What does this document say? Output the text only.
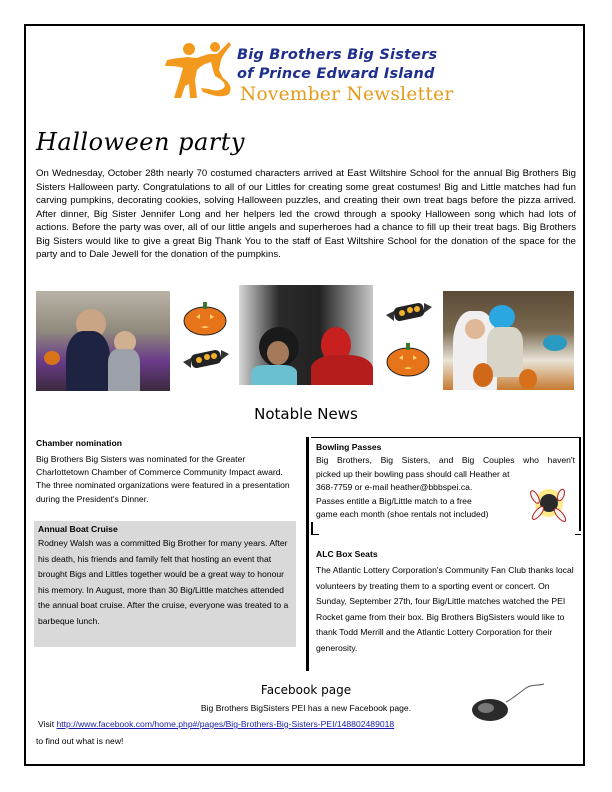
Big Brothers Big Sisters
of Prince Edward Island
November Newsletter
Halloween party
On Wednesday, October 28th nearly 70 costumed characters arrived at East Wiltshire School for the annual Big Brothers Big Sisters Halloween party. Congratulations to all of our Littles for creating some great costumes! Big and Little matches had fun carving pumpkins, decorating cookies, solving Halloween puzzles, and creating their own treat bags before the pizza arrived. After dinner, Big Sister Jennifer Long and her helpers led the crowd through a spooky Halloween song which had lots of actions. Before the party was over, all of our little angels and superheroes had a chance to fill up their treat bags. Big Brothers Big Sisters would like to give a great Big Thank You to the staff of East Wiltshire School for the donation of the space for the party and to Dale Jewell for the donation of the pumpkins.
Notable News
Chamber nomination
Big Brothers Big Sisters was nominated for the Greater Charlottetown Chamber of Commerce Community Impact award. The three nominated organizations were featured in a presentation during the President's Dinner.
Annual Boat Cruise
Rodney Walsh was a committed Big Brother for many years. After his death, his friends and family felt that hosting an event that brought Bigs and Littles together would be a great way to honour his memory. In August, more than 30 Big/Little matches attended the annual boat cruise. After the cruise, everyone was treated to a barbeque lunch.
Bowling Passes
Big Brothers, Big Sisters, and Big Couples who haven't
picked up their bowling pass should call Heather at
368-7759 or e-mail heather@bbbspei.ca.
Passes entitle a Big/Little match to a free
game each month (shoe rentals not included)
ALC Box Seats
The Atlantic Lottery Corporation's Community Fan Club thanks local volunteers by treating them to a sporting event or concert. On Sunday, September 27th, four Big/Little matches watched the PEI Rocket game from their box. Big Brothers BigSisters would like to thank Todd Merrill and the Atlantic Lottery Corporation for their generosity.
Facebook page
Big Brothers BigSisters PEI has a new Facebook page.
Visit http://www.facebook.com/home.php#/pages/Big-Brothers-Big-Sisters-PEI/148802489018
to find out what is new!
